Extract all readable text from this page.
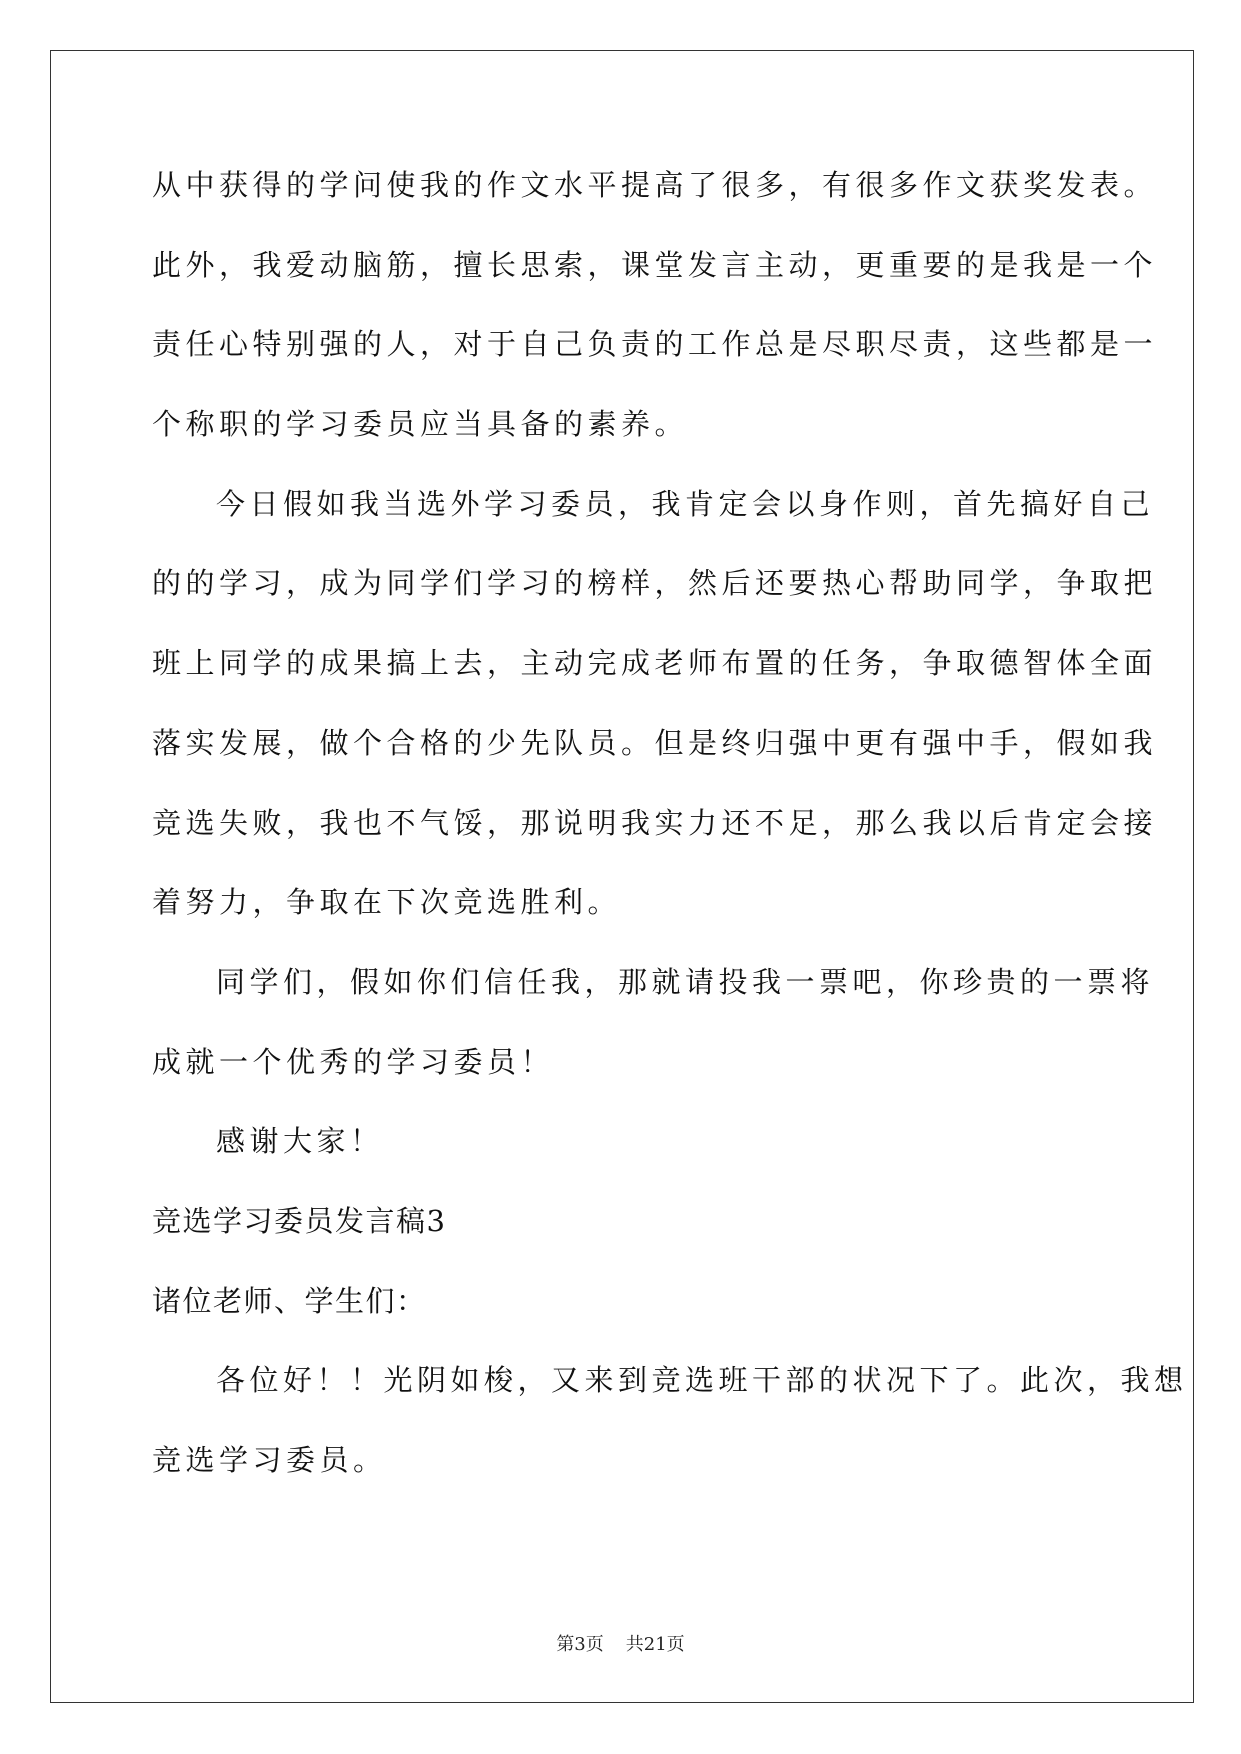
从中获得的学问使我的作文水平提高了很多，有很多作文获奖发表。
此外，我爱动脑筋，擅长思索，课堂发言主动，更重要的是我是一个
责任心特别强的人，对于自己负责的工作总是尽职尽责，这些都是一
个称职的学习委员应当具备的素养。
今日假如我当选外学习委员，我肯定会以身作则，首先搞好自己
的的学习，成为同学们学习的榜样，然后还要热心帮助同学，争取把
班上同学的成果搞上去，主动完成老师布置的任务，争取德智体全面
落实发展，做个合格的少先队员。但是终归强中更有强中手，假如我
竞选失败，我也不气馁，那说明我实力还不足，那么我以后肯定会接
着努力，争取在下次竞选胜利。
同学们，假如你们信任我，那就请投我一票吧，你珍贵的一票将
成就一个优秀的学习委员！
感谢大家！
竞选学习委员发言稿3
诸位老师、学生们：
各位好！！光阴如梭，又来到竞选班干部的状况下了。此次，我想
竞选学习委员。
第3页 共21页
